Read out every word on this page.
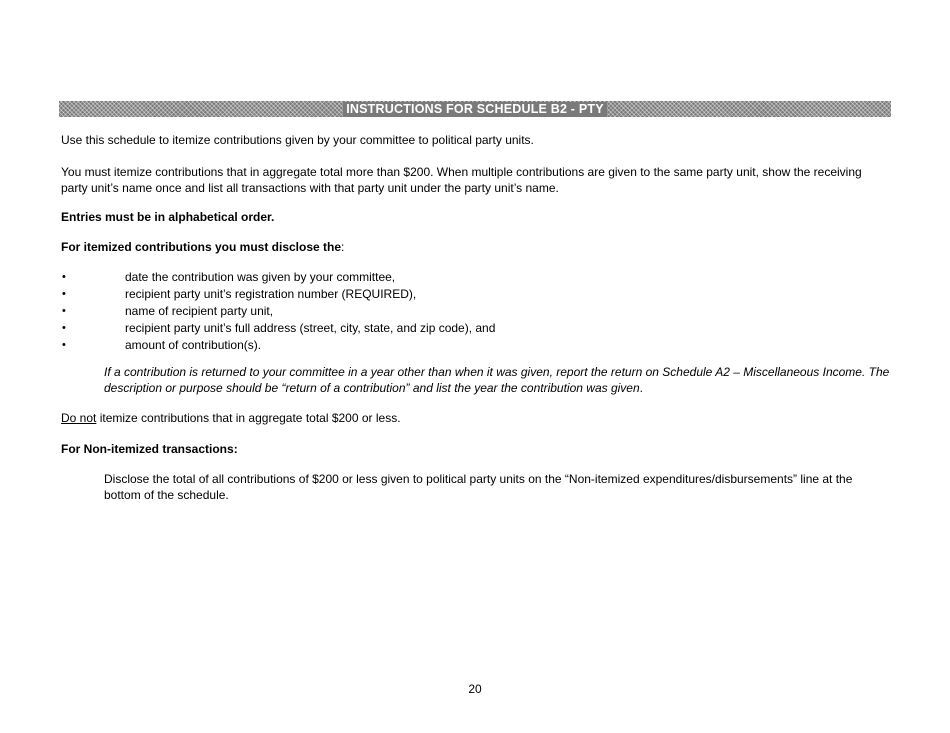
INSTRUCTIONS FOR SCHEDULE B2 - PTY

Use this schedule to itemize contributions given by your committee to political party units.

You must itemize contributions that in aggregate total more than $200. When multiple contributions are given to the same party unit, show the receiving party unit’s name once and list all transactions with that party unit under the party unit’s name.

Entries must be in alphabetical order.

For itemized contributions you must disclose the:

•	date the contribution was given by your committee,
•	recipient party unit’s registration number (REQUIRED),
•	name of recipient party unit,
•	recipient party unit’s full address (street, city, state, and zip code), and
•	amount of contribution(s).

If a contribution is returned to your committee in a year other than when it was given, report the return on Schedule A2 – Miscellaneous Income. The description or purpose should be “return of a contribution” and list the year the contribution was given.

Do not itemize contributions that in aggregate total $200 or less.

For Non-itemized transactions:

Disclose the total of all contributions of $200 or less given to political party units on the “Non-itemized expenditures/disbursements” line at the bottom of the schedule.

20
